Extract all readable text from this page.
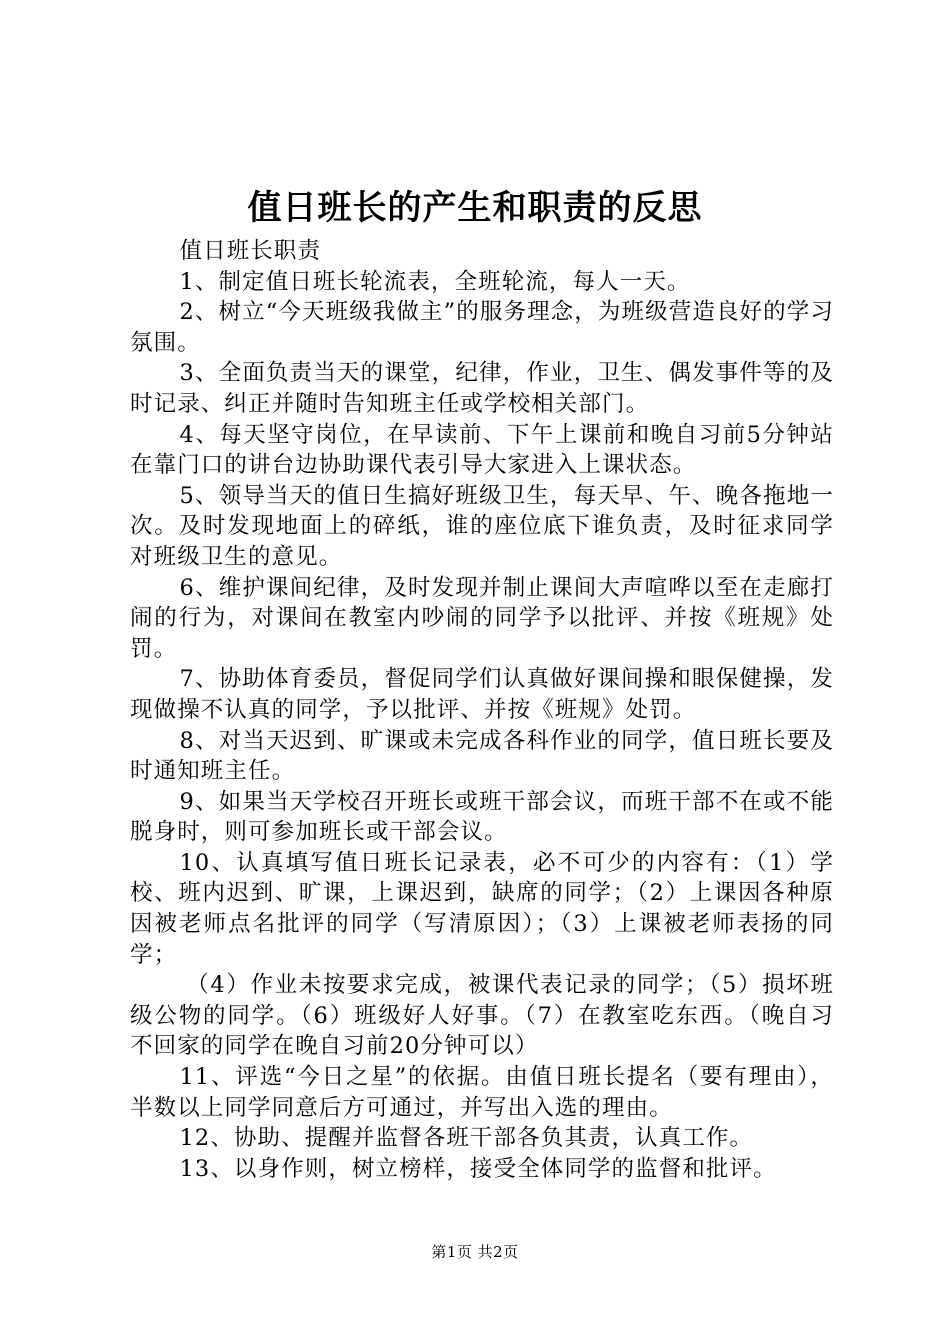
值日班长的产生和职责的反思

值日班长职责

1、制定值日班长轮流表，全班轮流，每人一天。

2、树立“今天班级我做主”的服务理念，为班级营造良好的学习氛围。

3、全面负责当天的课堂，纪律，作业，卫生、偶发事件等的及时记录、纠正并随时告知班主任或学校相关部门。

4、每天坚守岗位，在早读前、下午上课前和晚自习前5分钟站在靠门口的讲台边协助课代表引导大家进入上课状态。

5、领导当天的值日生搞好班级卫生，每天早、午、晚各拖地一次。及时发现地面上的碎纸，谁的座位底下谁负责，及时征求同学对班级卫生的意见。

6、维护课间纪律，及时发现并制止课间大声喧哗以至在走廊打闹的行为，对课间在教室内吵闹的同学予以批评、并按《班规》处罚。

7、协助体育委员，督促同学们认真做好课间操和眼保健操，发现做操不认真的同学，予以批评、并按《班规》处罚。

8、对当天迟到、旷课或未完成各科作业的同学，值日班长要及时通知班主任。

9、如果当天学校召开班长或班干部会议，而班干部不在或不能脱身时，则可参加班长或干部会议。

10、认真填写值日班长记录表，必不可少的内容有：（1）学校、班内迟到、旷课，上课迟到，缺席的同学；（2）上课因各种原因被老师点名批评的同学（写清原因）；（3）上课被老师表扬的同学；

（4）作业未按要求完成，被课代表记录的同学；（5）损坏班级公物的同学。（6）班级好人好事。（7）在教室吃东西。（晚自习不回家的同学在晚自习前20分钟可以）

11、评选“今日之星”的依据。由值日班长提名（要有理由），半数以上同学同意后方可通过，并写出入选的理由。

12、协助、提醒并监督各班干部各负其责，认真工作。

13、以身作则，树立榜样，接受全体同学的监督和批评。

第1页 共2页
